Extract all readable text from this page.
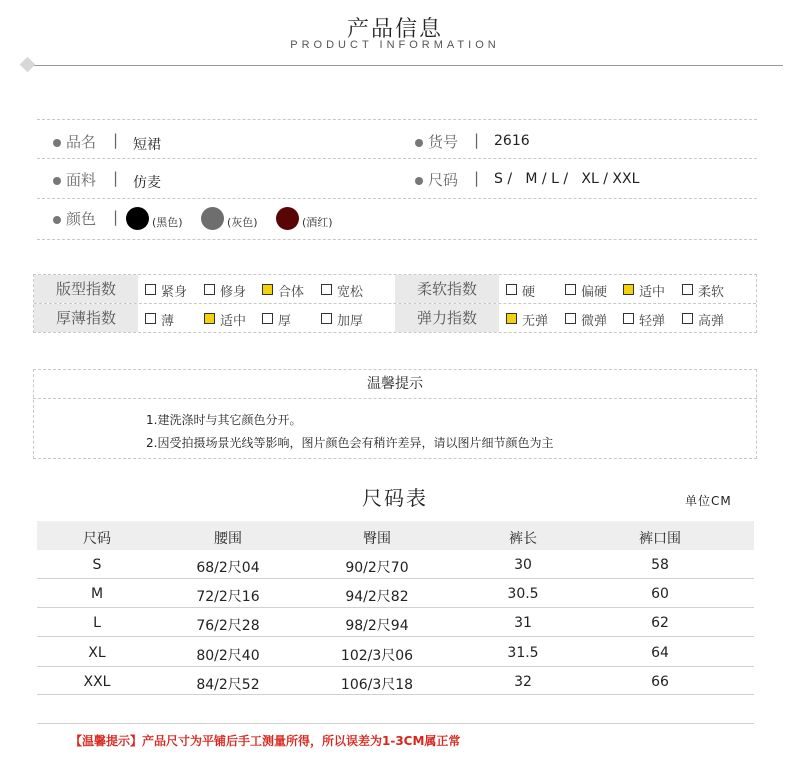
产品信息
PRODUCT INFORMATION
品名 | 短裙	货号 | 2616
面料 | 仿麦	尺码 | S /   M / L /   XL / XXL
颜色 |	(黑色)	(灰色)	(酒红)
版型指数	紧身	修身 合体	宽松	柔软指数	硬	偏硬 适中	柔软
厚薄指数	薄	适中 厚	加厚	弹力指数	无弹	微弹 轻弹	高弹
温馨提示
1.建洗涤时与其它颜色分开。
2.因受拍摄场景光线等影响，图片颜色会有稍许差异，请以图片细节颜色为主
尺码表	单位CM
尺码	腰围	臀围	裤长	裤口围
S	68/2尺04	90/2尺70	30	58
M	72/2尺16	94/2尺82	30.5	60
L	76/2尺28	98/2尺94	31	62
XL	80/2尺40	102/3尺06	31.5	64
XXL	84/2尺52	106/3尺18	32	66
【温馨提示】产品尺寸为平铺后手工测量所得，所以误差为1-3CM属正常
